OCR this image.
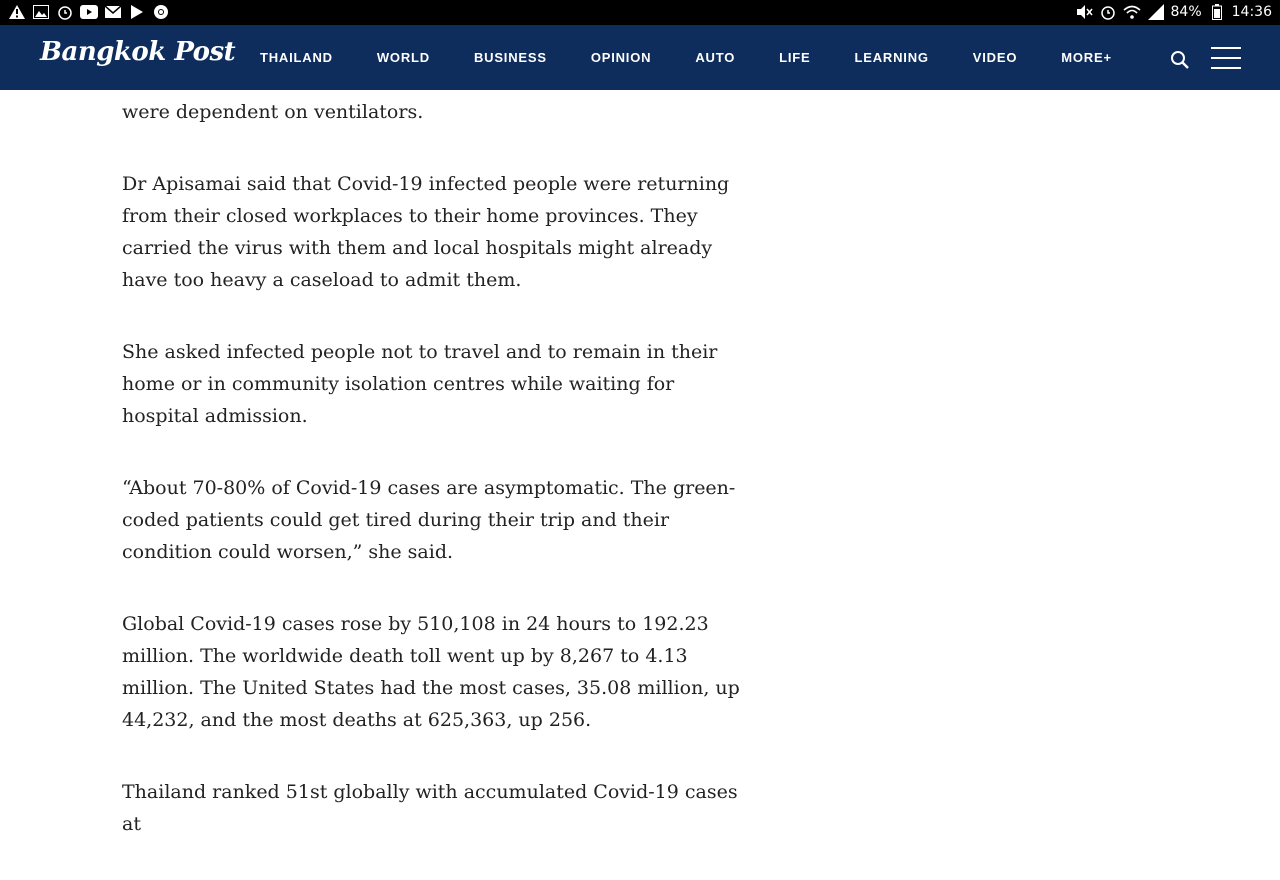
84% 14:36
Bangkok Post THAILAND	WORLD	BUSINESS	OPINION	AUTO	LIFE	LEARNING	VIDEO	MORE+

were dependent on ventilators.

Dr Apisamai said that Covid-19 infected people were returning from their closed workplaces to their home provinces. They carried the virus with them and local hospitals might already have too heavy a caseload to admit them.

She asked infected people not to travel and to remain in their home or in community isolation centres while waiting for hospital admission.

“About 70-80% of Covid-19 cases are asymptomatic. The green-coded patients could get tired during their trip and their condition could worsen,” she said.

Global Covid-19 cases rose by 510,108 in 24 hours to 192.23 million. The worldwide death toll went up by 8,267 to 4.13 million. The United States had the most cases, 35.08 million, up 44,232, and the most deaths at 625,363, up 256.

Thailand ranked 51st globally with accumulated Covid-19 cases at
